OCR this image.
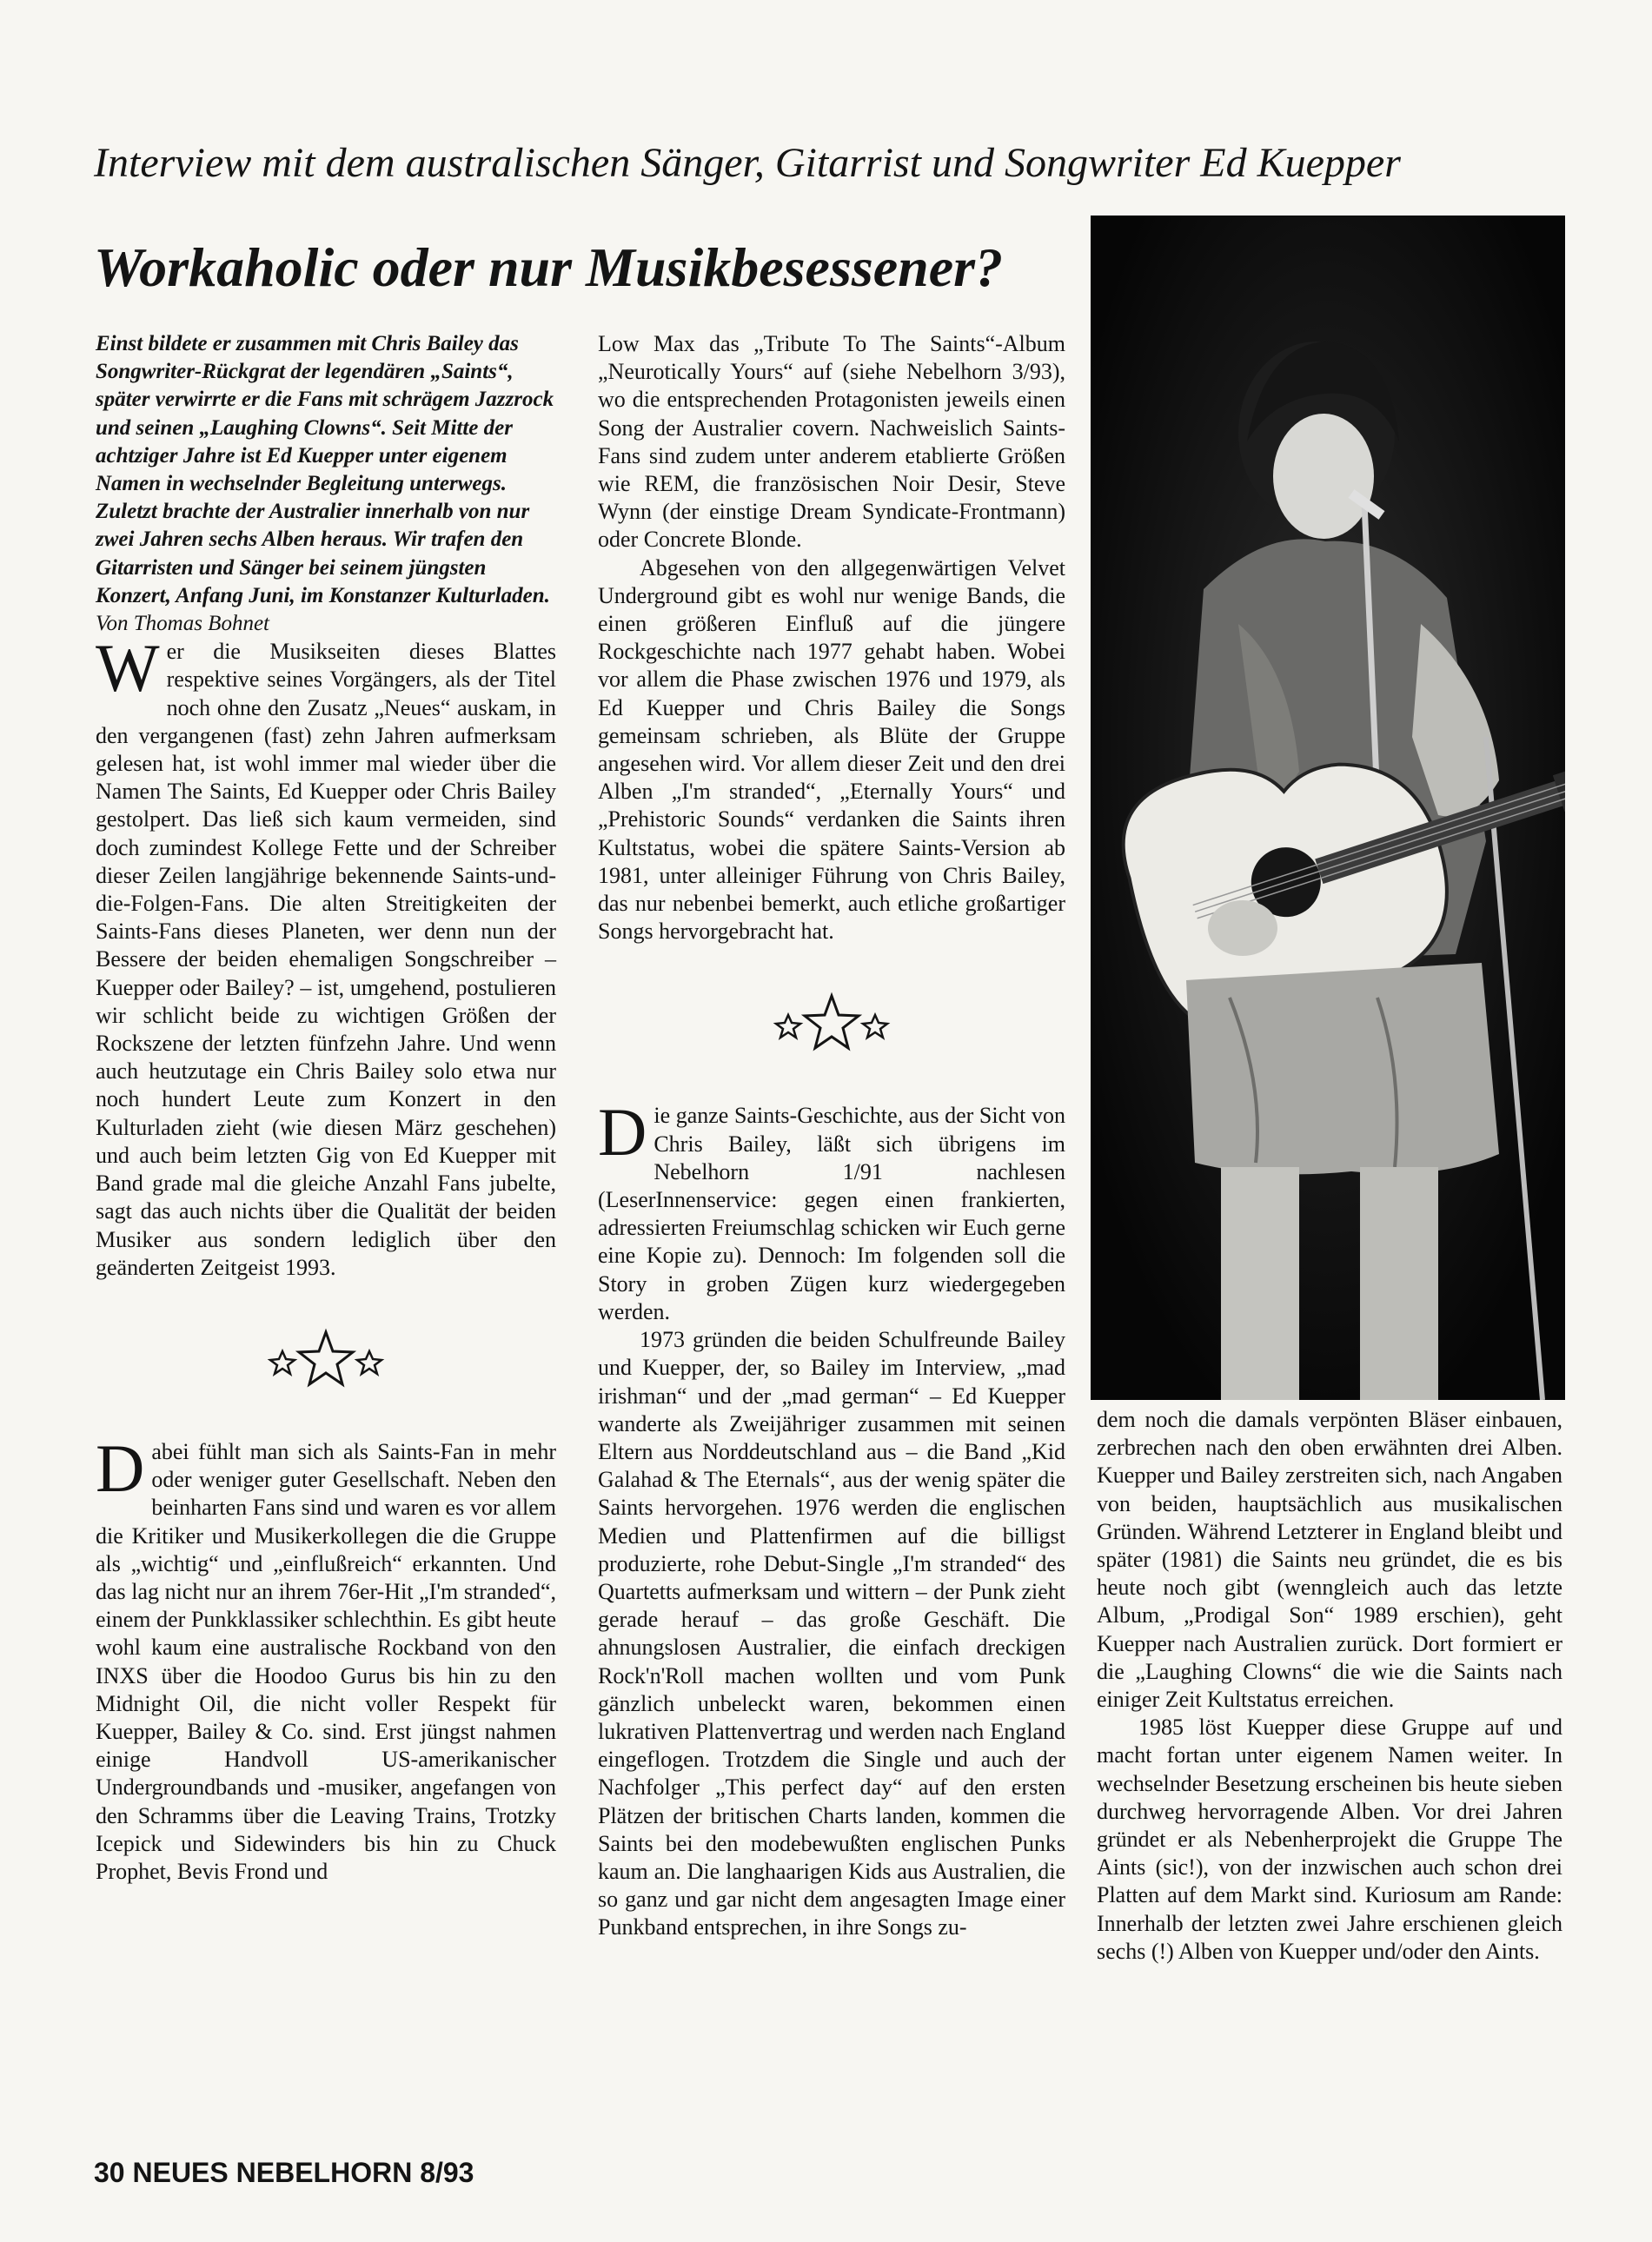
Interview mit dem australischen Sänger, Gitarrist und Songwriter Ed Kuepper
Workaholic oder nur Musikbesessener?

Einst bildete er zusammen mit Chris Bailey das Songwriter-Rückgrat der legendären „Saints“, später verwirrte er die Fans mit schrägem Jazzrock und seinen „Laughing Clowns“. Seit Mitte der achtziger Jahre ist Ed Kuepper unter eigenem Namen in wechselnder Begleitung unterwegs. Zuletzt brachte der Australier innerhalb von nur zwei Jahren sechs Alben heraus. Wir trafen den Gitarristen und Sänger bei seinem jüngsten Konzert, Anfang Juni, im Konstanzer Kulturladen.

Von Thomas Bohnet

Wer die Musikseiten dieses Blattes respektive seines Vorgängers, als der Titel noch ohne den Zusatz „Neues“ auskam, in den vergangenen (fast) zehn Jahren aufmerksam gelesen hat, ist wohl immer mal wieder über die Namen The Saints, Ed Kuepper oder Chris Bailey gestolpert. Das ließ sich kaum vermeiden, sind doch zumindest Kollege Fette und der Schreiber dieser Zeilen langjährige bekennende Saints-und-die-Folgen-Fans. Die alten Streitigkeiten der Saints-Fans dieses Planeten, wer denn nun der Bessere der beiden ehemaligen Songschreiber – Kuepper oder Bailey? – ist, umgehend, postulieren wir schlicht beide zu wichtigen Größen der Rockszene der letzten fünfzehn Jahre. Und wenn auch heutzutage ein Chris Bailey solo etwa nur noch hundert Leute zum Konzert in den Kulturladen zieht (wie diesen März geschehen) und auch beim letzten Gig von Ed Kuepper mit Band grade mal die gleiche Anzahl Fans jubelte, sagt das auch nichts über die Qualität der beiden Musiker aus sondern lediglich über den geänderten Zeitgeist 1993.

Dabei fühlt man sich als Saints-Fan in mehr oder weniger guter Gesellschaft. Neben den beinharten Fans sind und waren es vor allem die Kritiker und Musikerkollegen die die Gruppe als „wichtig“ und „einflußreich“ erkannten. Und das lag nicht nur an ihrem 76er-Hit „I'm stranded“, einem der Punkklassiker schlechthin. Es gibt heute wohl kaum eine australische Rockband von den INXS über die Hoodoo Gurus bis hin zu den Midnight Oil, die nicht voller Respekt für Kuepper, Bailey & Co. sind. Erst jüngst nahmen einige Handvoll US-amerikanischer Undergroundbands und -musiker, angefangen von den Schramms über die Leaving Trains, Trotzky Icepick und Sidewinders bis hin zu Chuck Prophet, Bevis Frond und

Low Max das „Tribute To The Saints“-Album „Neurotically Yours“ auf (siehe Nebelhorn 3/93), wo die entsprechenden Protagonisten jeweils einen Song der Australier covern. Nachweislich Saints-Fans sind zudem unter anderem etablierte Größen wie REM, die französischen Noir Desir, Steve Wynn (der einstige Dream Syndicate-Frontmann) oder Concrete Blonde.

Abgesehen von den allgegenwärtigen Velvet Underground gibt es wohl nur wenige Bands, die einen größeren Einfluß auf die jüngere Rockgeschichte nach 1977 gehabt haben. Wobei vor allem die Phase zwischen 1976 und 1979, als Ed Kuepper und Chris Bailey die Songs gemeinsam schrieben, als Blüte der Gruppe angesehen wird. Vor allem dieser Zeit und den drei Alben „I'm stranded“, „Eternally Yours“ und „Prehistoric Sounds“ verdanken die Saints ihren Kultstatus, wobei die spätere Saints-Version ab 1981, unter alleiniger Führung von Chris Bailey, das nur nebenbei bemerkt, auch etliche großartiger Songs hervorgebracht hat.

Die ganze Saints-Geschichte, aus der Sicht von Chris Bailey, läßt sich übrigens im Nebelhorn 1/91 nachlesen (LeserInnenservice: gegen einen frankierten, adressierten Freiumschlag schicken wir Euch gerne eine Kopie zu). Dennoch: Im folgenden soll die Story in groben Zügen kurz wiedergegeben werden.

1973 gründen die beiden Schulfreunde Bailey und Kuepper, der, so Bailey im Interview, „mad irishman“ und der „mad german“ – Ed Kuepper wanderte als Zweijähriger zusammen mit seinen Eltern aus Norddeutschland aus – die Band „Kid Galahad & The Eternals“, aus der wenig später die Saints hervorgehen. 1976 werden die englischen Medien und Plattenfirmen auf die billigst produzierte, rohe Debut-Single „I'm stranded“ des Quartetts aufmerksam und wittern – der Punk zieht gerade herauf – das große Geschäft. Die ahnungslosen Australier, die einfach dreckigen Rock'n'Roll machen wollten und vom Punk gänzlich unbeleckt waren, bekommen einen lukrativen Plattenvertrag und werden nach England eingeflogen. Trotzdem die Single und auch der Nachfolger „This perfect day“ auf den ersten Plätzen der britischen Charts landen, kommen die Saints bei den modebewußten englischen Punks kaum an. Die langhaarigen Kids aus Australien, die so ganz und gar nicht dem angesagten Image einer Punkband entsprechen, in ihre Songs zu-

dem noch die damals verpönten Bläser einbauen, zerbrechen nach den oben erwähnten drei Alben. Kuepper und Bailey zerstreiten sich, nach Angaben von beiden, hauptsächlich aus musikalischen Gründen. Während Letzterer in England bleibt und später (1981) die Saints neu gründet, die es bis heute noch gibt (wenngleich auch das letzte Album, „Prodigal Son“ 1989 erschien), geht Kuepper nach Australien zurück. Dort formiert er die „Laughing Clowns“ die wie die Saints nach einiger Zeit Kultstatus erreichen.

1985 löst Kuepper diese Gruppe auf und macht fortan unter eigenem Namen weiter. In wechselnder Besetzung erscheinen bis heute sieben durchweg hervorragende Alben. Vor drei Jahren gründet er als Nebenherprojekt die Gruppe The Aints (sic!), von der inzwischen auch schon drei Platten auf dem Markt sind. Kuriosum am Rande: Innerhalb der letzten zwei Jahre erschienen gleich sechs (!) Alben von Kuepper und/oder den Aints.

30 NEUES NEBELHORN 8/93
